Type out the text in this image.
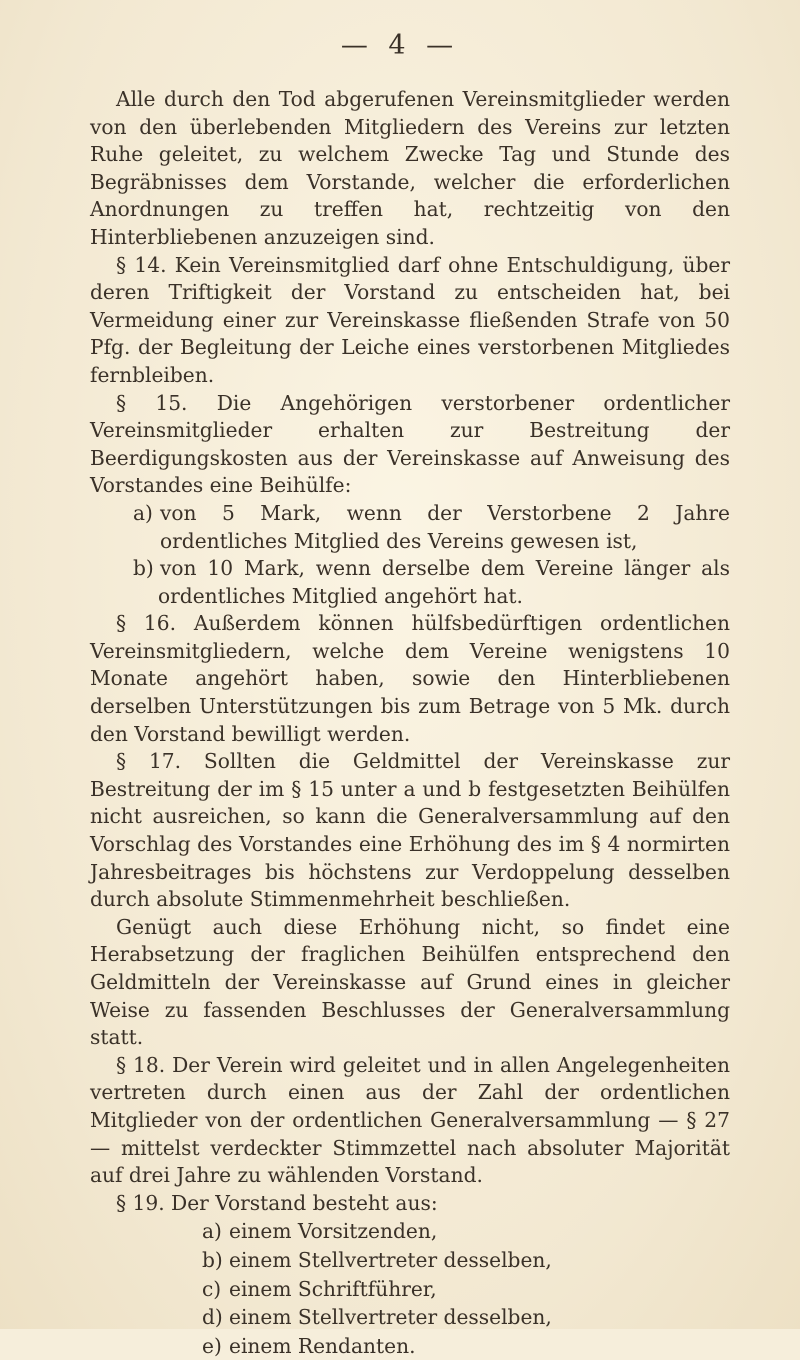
— 4 —

Alle durch den Tod abgerufenen Vereinsmitglieder werden von den überlebenden Mitgliedern des Vereins zur letzten Ruhe geleitet, zu welchem Zwecke Tag und Stunde des Begräbnisses dem Vorstande, welcher die erforderlichen Anordnungen zu treffen hat, rechtzeitig von den Hinterbliebenen anzuzeigen sind.

§ 14. Kein Vereinsmitglied darf ohne Entschuldigung, über deren Triftigkeit der Vorstand zu entscheiden hat, bei Vermeidung einer zur Vereinskasse fließenden Strafe von 50 Pfg. der Begleitung der Leiche eines verstorbenen Mitgliedes fernbleiben.

§ 15. Die Angehörigen verstorbener ordentlicher Vereinsmitglieder erhalten zur Bestreitung der Beerdigungskosten aus der Vereinskasse auf Anweisung des Vorstandes eine Beihülfe:

a) von 5 Mark, wenn der Verstorbene 2 Jahre ordentliches Mitglied des Vereins gewesen ist,

b) von 10 Mark, wenn derselbe dem Vereine länger als ordentliches Mitglied angehört hat.

§ 16. Außerdem können hülfsbedürftigen ordentlichen Vereinsmitgliedern, welche dem Vereine wenigstens 10 Monate angehört haben, sowie den Hinterbliebenen derselben Unterstützungen bis zum Betrage von 5 Mk. durch den Vorstand bewilligt werden.

§ 17. Sollten die Geldmittel der Vereinskasse zur Bestreitung der im § 15 unter a und b festgesetzten Beihülfen nicht ausreichen, so kann die Generalversammlung auf den Vorschlag des Vorstandes eine Erhöhung des im § 4 normirten Jahresbeitrages bis höchstens zur Verdoppelung desselben durch absolute Stimmenmehrheit beschließen.

Genügt auch diese Erhöhung nicht, so findet eine Herabsetzung der fraglichen Beihülfen entsprechend den Geldmitteln der Vereinskasse auf Grund eines in gleicher Weise zu fassenden Beschlusses der Generalversammlung statt.

§ 18. Der Verein wird geleitet und in allen Angelegenheiten vertreten durch einen aus der Zahl der ordentlichen Mitglieder von der ordentlichen Generalversammlung — § 27 — mittelst verdeckter Stimmzettel nach absoluter Majorität auf drei Jahre zu wählenden Vorstand.

§ 19. Der Vorstand besteht aus:

a) einem Vorsitzenden,
b) einem Stellvertreter desselben,
c) einem Schriftführer,
d) einem Stellvertreter desselben,
e) einem Rendanten.
